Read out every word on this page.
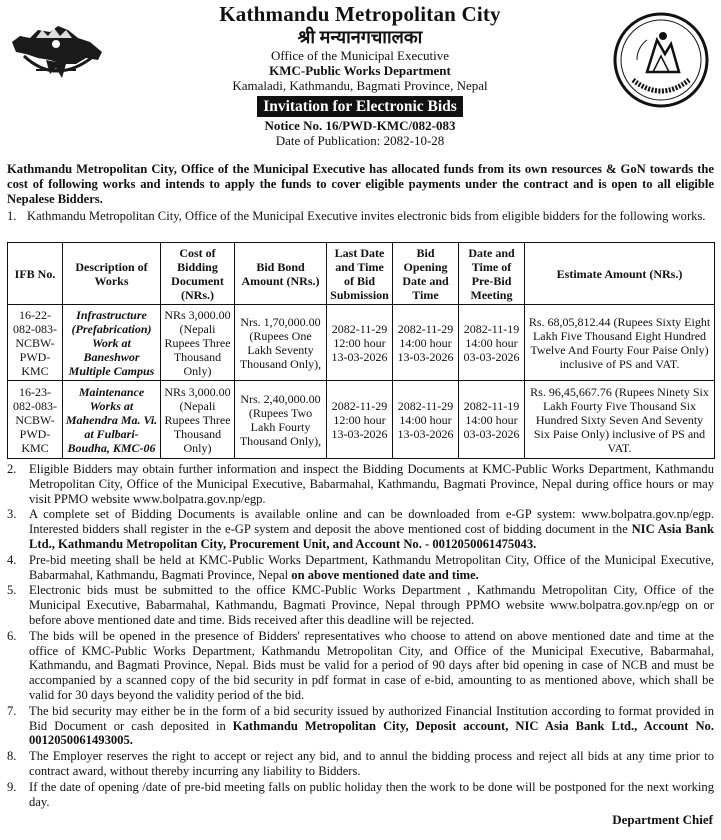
Kathmandu Metropolitan City
श्री मन्यानगचाालका
Office of the Municipal Executive
KMC-Public Works Department
Kamaladi, Kathmandu, Bagmati Province, Nepal
Invitation for Electronic Bids
Notice No. 16/PWD-KMC/082-083
Date of Publication: 2082-10-28
Kathmandu Metropolitan City, Office of the Municipal Executive has allocated funds from its own resources & GoN towards the cost of following works and intends to apply the funds to cover eligible payments under the contract and is open to all eligible Nepalese Bidders.
1. Kathmandu Metropolitan City, Office of the Municipal Executive invites electronic bids from eligible bidders for the following works.
IFB No.	Description of Works	Cost of Bidding Document (NRs.)	Bid Bond Amount (NRs.)	Last Date and Time of Bid Submission	Bid Opening Date and Time	Date and Time of Pre-Bid Meeting	Estimate Amount (NRs.)
16-22-082-083-NCBW-PWD-KMC	Infrastructure (Prefabrication) Work at Baneshwor Multiple Campus	NRs 3,000.00 (Nepali Rupees Three Thousand Only)	Nrs. 1,70,000.00 (Rupees One Lakh Seventy Thousand Only),	2082-11-29 12:00 hour 13-03-2026	2082-11-29 14:00 hour 13-03-2026	2082-11-19 14:00 hour 03-03-2026	Rs. 68,05,812.44 (Rupees Sixty Eight Lakh Five Thousand Eight Hundred Twelve And Fourty Four Paise Only) inclusive of PS and VAT.
16-23-082-083-NCBW-PWD-KMC	Maintenance Works at Mahendra Ma. Vi. at Fulbari-Boudha, KMC-06	NRs 3,000.00 (Nepali Rupees Three Thousand Only)	Nrs. 2,40,000.00 (Rupees Two Lakh Fourty Thousand Only),	2082-11-29 12:00 hour 13-03-2026	2082-11-29 14:00 hour 13-03-2026	2082-11-19 14:00 hour 03-03-2026	Rs. 96,45,667.76 (Rupees Ninety Six Lakh Fourty Five Thousand Six Hundred Sixty Seven And Seventy Six Paise Only) inclusive of PS and VAT.
2. Eligible Bidders may obtain further information and inspect the Bidding Documents at KMC-Public Works Department, Kathmandu Metropolitan City, Office of the Municipal Executive, Babarmahal, Kathmandu, Bagmati Province, Nepal during office hours or may visit PPMO website www.bolpatra.gov.np/egp.
3. A complete set of Bidding Documents is available online and can be downloaded from e-GP system: www.bolpatra.gov.np/egp. Interested bidders shall register in the e-GP system and deposit the above mentioned cost of bidding document in the NIC Asia Bank Ltd., Kathmandu Metropolitan City, Procurement Unit, and Account No. - 0012050061475043.
4. Pre-bid meeting shall be held at KMC-Public Works Department, Kathmandu Metropolitan City, Office of the Municipal Executive, Babarmahal, Kathmandu, Bagmati Province, Nepal on above mentioned date and time.
5. Electronic bids must be submitted to the office KMC-Public Works Department , Kathmandu Metropolitan City, Office of the Municipal Executive, Babarmahal, Kathmandu, Bagmati Province, Nepal through PPMO website www.bolpatra.gov.np/egp on or before above mentioned date and time. Bids received after this deadline will be rejected.
6. The bids will be opened in the presence of Bidders' representatives who choose to attend on above mentioned date and time at the office of KMC-Public Works Department, Kathmandu Metropolitan City, and Office of the Municipal Executive, Babarmahal, Kathmandu, and Bagmati Province, Nepal. Bids must be valid for a period of 90 days after bid opening in case of NCB and must be accompanied by a scanned copy of the bid security in pdf format in case of e-bid, amounting to as mentioned above, which shall be valid for 30 days beyond the validity period of the bid.
7. The bid security may either be in the form of a bid security issued by authorized Financial Institution according to format provided in Bid Document or cash deposited in Kathmandu Metropolitan City, Deposit account, NIC Asia Bank Ltd., Account No. 0012050061493005.
8. The Employer reserves the right to accept or reject any bid, and to annul the bidding process and reject all bids at any time prior to contract award, without thereby incurring any liability to Bidders.
9. If the date of opening /date of pre-bid meeting falls on public holiday then the work to be done will be postponed for the next working day.
Department Chief
